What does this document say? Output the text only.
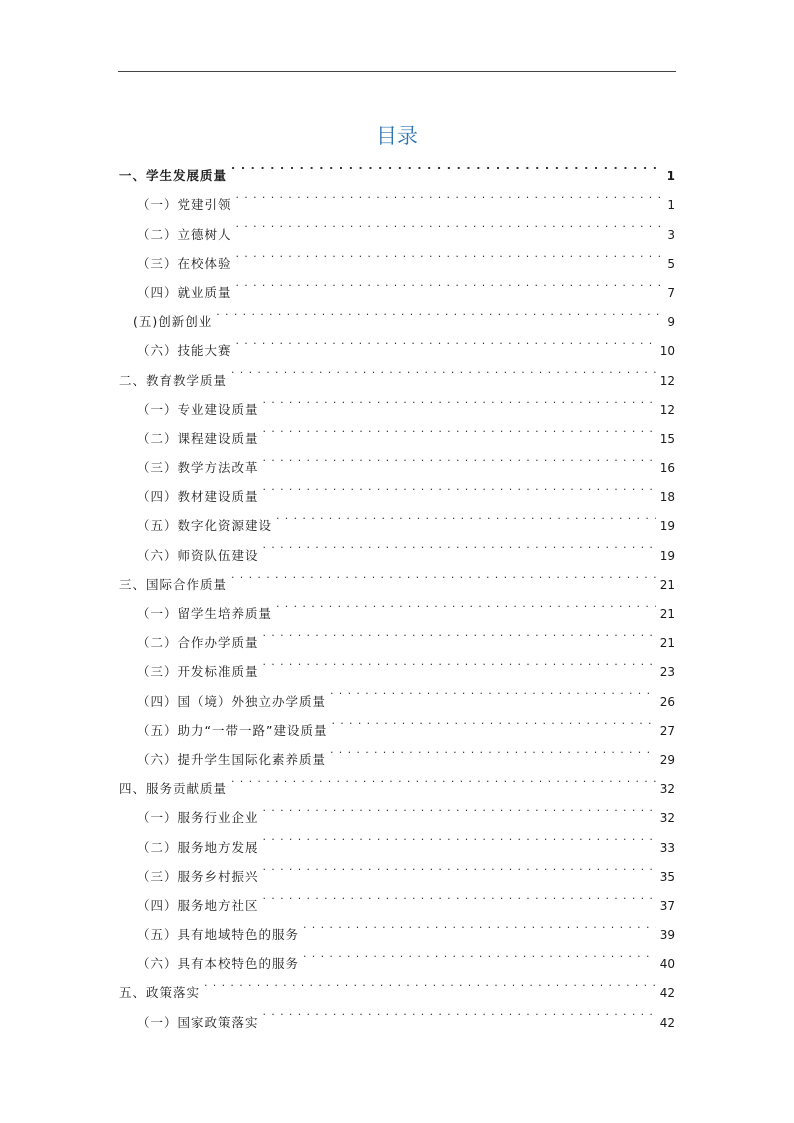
目录
一、学生发展质量 . . .	1
（一）党建引领 . . .	1
（二）立德树人 . . .	3
（三）在校体验 . . .	5
（四）就业质量 . . .	7
(五)创新创业 . . .	9
（六）技能大赛 . . .	10
二、教育教学质量 . . .	12
（一）专业建设质量 . . .	12
（二）课程建设质量 . . .	15
（三）教学方法改革 . . .	16
（四）教材建设质量 . . .	18
（五）数字化资源建设 . . .	19
（六）师资队伍建设 . . .	19
三、国际合作质量 . . .	21
（一）留学生培养质量 . . .	21
（二）合作办学质量 . . .	21
（三）开发标准质量 . . .	23
（四）国（境）外独立办学质量 . . .	26
（五）助力“一带一路”建设质量 . . .	27
（六）提升学生国际化素养质量 . . .	29
四、服务贡献质量 . . .	32
（一）服务行业企业 . . .	32
（二）服务地方发展 . . .	33
（三）服务乡村振兴 . . .	35
（四）服务地方社区 . . .	37
（五）具有地域特色的服务 . . .	39
（六）具有本校特色的服务 . . .	40
五、政策落实 . . .	42
（一）国家政策落实 . . .	42
